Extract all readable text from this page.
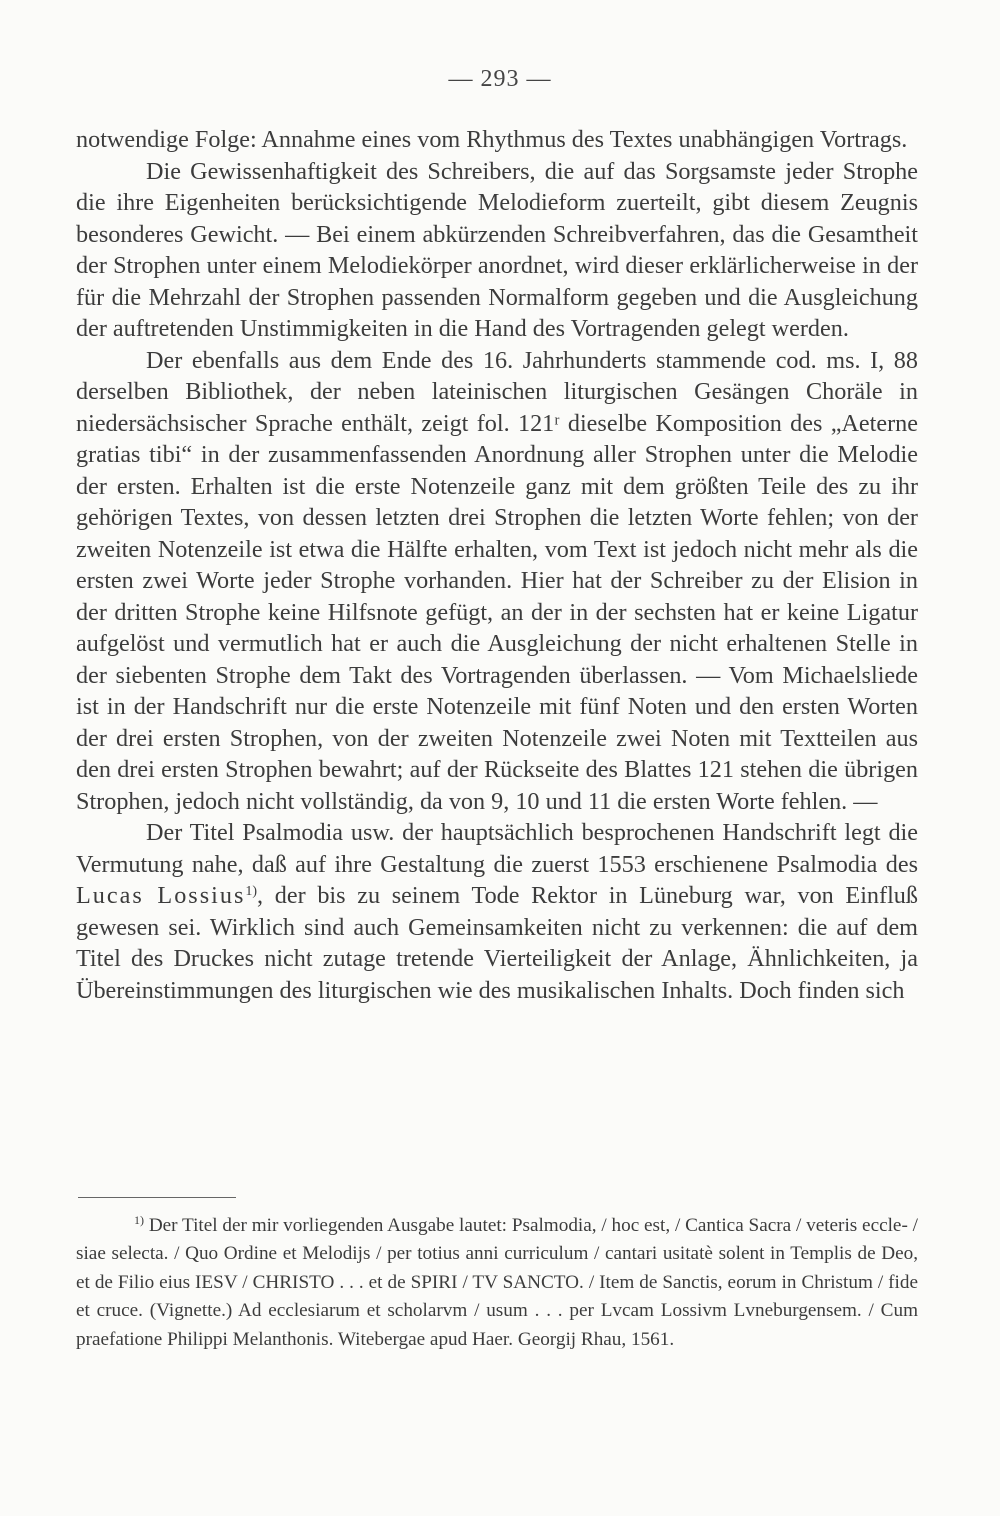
— 293 —

notwendige Folge: Annahme eines vom Rhythmus des Textes unabhängigen Vortrags.

Die Gewissenhaftigkeit des Schreibers, die auf das Sorgsamste jeder Strophe die ihre Eigenheiten berücksichtigende Melodieform zuerteilt, gibt diesem Zeugnis besonderes Gewicht. — Bei einem abkürzenden Schreibverfahren, das die Gesamtheit der Strophen unter einem Melodiekörper anordnet, wird dieser erklärlicherweise in der für die Mehrzahl der Strophen passenden Normalform gegeben und die Ausgleichung der auftretenden Unstimmigkeiten in die Hand des Vortragenden gelegt werden.

Der ebenfalls aus dem Ende des 16. Jahrhunderts stammende cod. ms. I, 88 derselben Bibliothek, der neben lateinischen liturgischen Gesängen Choräle in niedersächsischer Sprache enthält, zeigt fol. 121ʳ dieselbe Komposition des „Aeterne gratias tibi“ in der zusammenfassenden Anordnung aller Strophen unter die Melodie der ersten. Erhalten ist die erste Notenzeile ganz mit dem größten Teile des zu ihr gehörigen Textes, von dessen letzten drei Strophen die letzten Worte fehlen; von der zweiten Notenzeile ist etwa die Hälfte erhalten, vom Text ist jedoch nicht mehr als die ersten zwei Worte jeder Strophe vorhanden. Hier hat der Schreiber zu der Elision in der dritten Strophe keine Hilfsnote gefügt, an der in der sechsten hat er keine Ligatur aufgelöst und vermutlich hat er auch die Ausgleichung der nicht erhaltenen Stelle in der siebenten Strophe dem Takt des Vortragenden überlassen. — Vom Michaelsliede ist in der Handschrift nur die erste Notenzeile mit fünf Noten und den ersten Worten der drei ersten Strophen, von der zweiten Notenzeile zwei Noten mit Textteilen aus den drei ersten Strophen bewahrt; auf der Rückseite des Blattes 121 stehen die übrigen Strophen, jedoch nicht vollständig, da von 9, 10 und 11 die ersten Worte fehlen. —

Der Titel Psalmodia usw. der hauptsächlich besprochenen Handschrift legt die Vermutung nahe, daß auf ihre Gestaltung die zuerst 1553 erschienene Psalmodia des Lucas Lossius$^{1)}$, der bis zu seinem Tode Rektor in Lüneburg war, von Einfluß gewesen sei. Wirklich sind auch Gemeinsamkeiten nicht zu verkennen: die auf dem Titel des Druckes nicht zutage tretende Vierteiligkeit der Anlage, Ähnlichkeiten, ja Übereinstimmungen des liturgischen wie des musikalischen Inhalts. Doch finden sich

$^{1)}$ Der Titel der mir vorliegenden Ausgabe lautet: Psalmodia, / hoc est, / Cantica Sacra / veteris eccle- / siae selecta. / Quo Ordine et Melodijs / per totius anni curriculum / cantari usitatè solent in Templis de Deo, et de Filio eius IESV / CHRISTO . . . et de SPIRI / TV SANCTO. / Item de Sanctis, eorum in Christum / fide et cruce. (Vignette.) Ad ecclesiarum et scholarvm / usum . . . per Lvcam Lossivm Lvneburgensem. / Cum praefatione Philippi Melanthonis. Witebergae apud Haer. Georgij Rhau, 1561.
